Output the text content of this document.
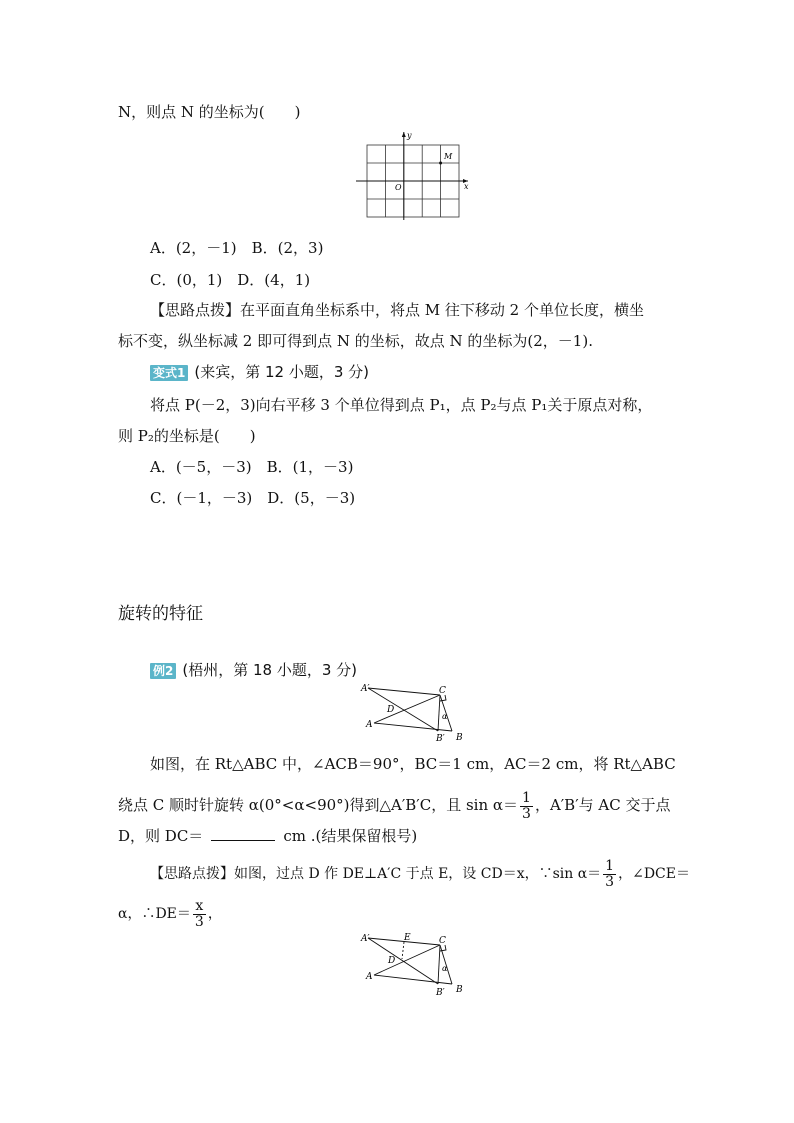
N，则点 N 的坐标为(　　)
y
x
O
M
A．(2，－1)　B．(2，3)
C．(0，1)　D．(4，1)
【思路点拨】在平面直角坐标系中，将点 M 往下移动 2 个单位长度，横坐
标不变，纵坐标减 2 即可得到点 N 的坐标，故点 N 的坐标为(2，－1).
变式1 (来宾，第 12 小题，3 分)
将点 P(－2，3)向右平移 3 个单位得到点 P₁，点 P₂与点 P₁关于原点对称，
则 P₂的坐标是(　　)
A．(－5，－3)　B．(1，－3)
C．(－1，－3)　D．(5，－3)
旋转的特征
例2 (梧州，第 18 小题，3 分)
A′	C
D
A
B′ B
α
如图，在 Rt△ABC 中，∠ACB＝90°，BC＝1 cm，AC＝2 cm，将 Rt△ABC
绕点 C 顺时针旋转 α(0°<α<90°)得到△A′B′C，且 $\sin \alpha= \frac{1}{3}$ ，A′B′与 AC 交于点
D，则 DC＝	cm .(结果保留根号)
【思路点拨】如图，过点 D 作 DE⊥A′C 于点 E，设 CD＝x，∵sin $\alpha= \frac{1}{3}$ ，∠DCE＝
α，∴DE＝ $\frac{x}{3}$ ，
A′	E	C
D
A
B′ B
α
